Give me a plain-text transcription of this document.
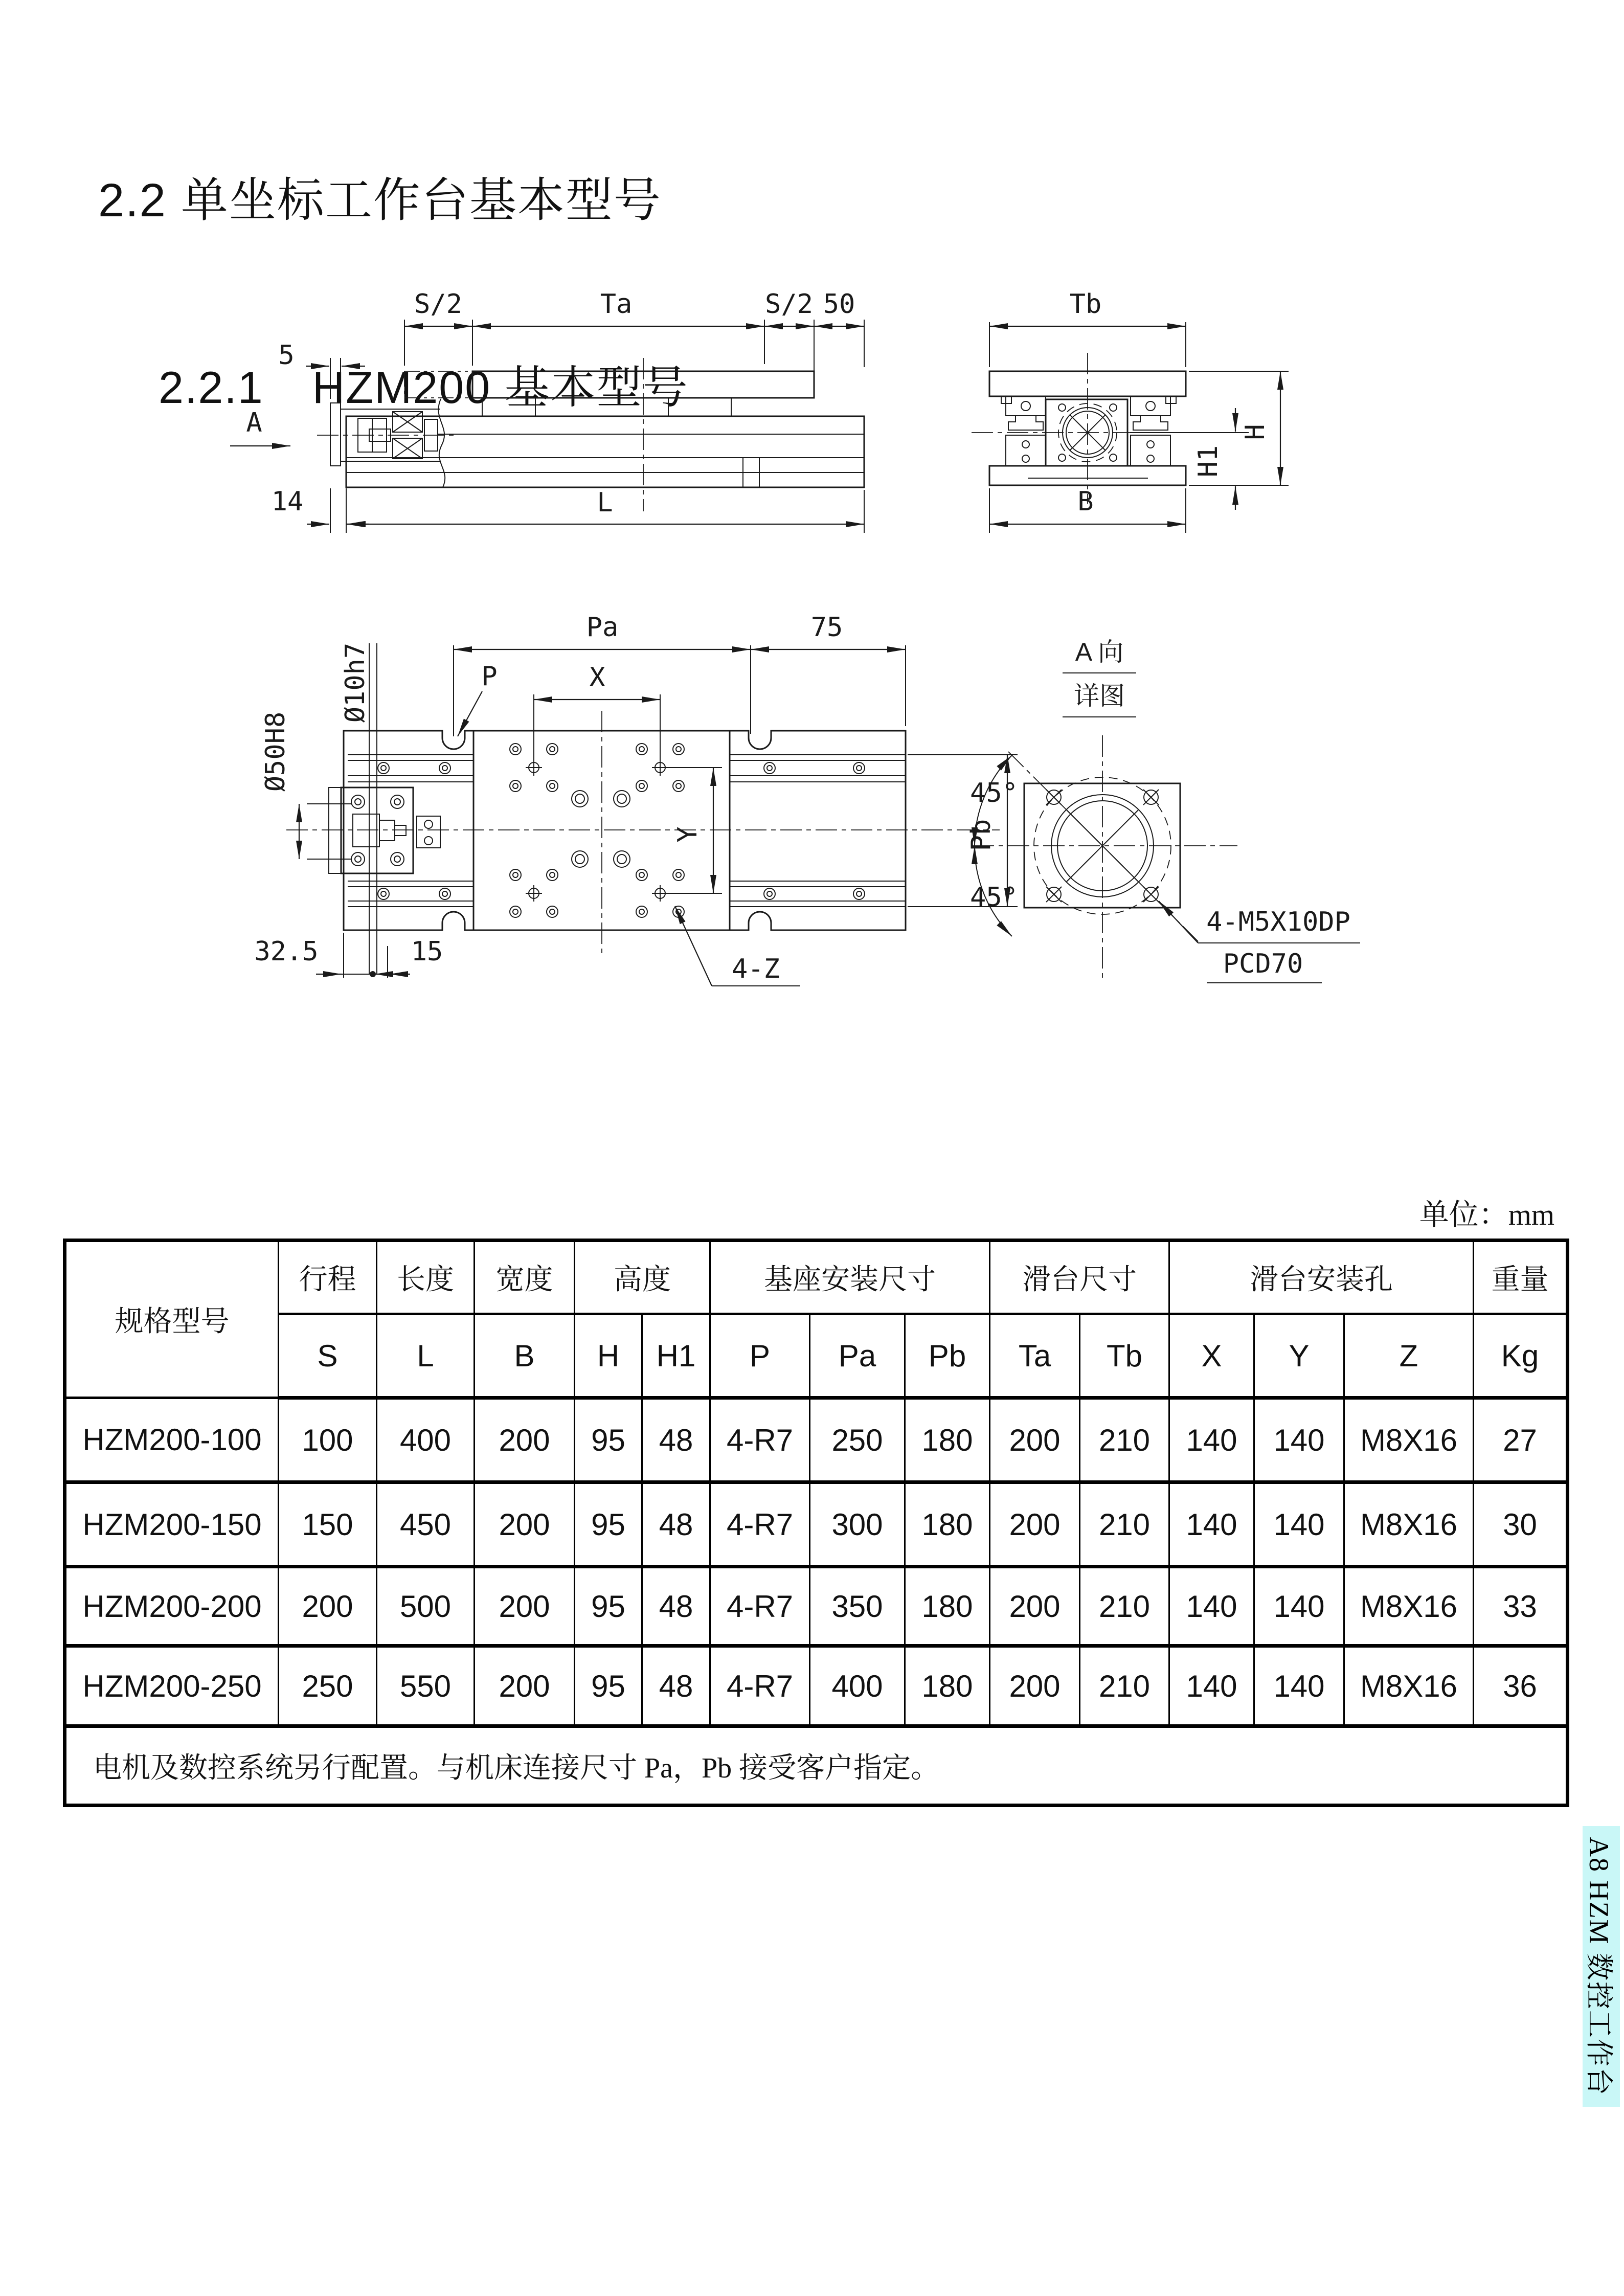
2.2 单坐标工作台基本型号
2.2.1 HZM200 基本型号
S/2	Ta	S/2 50
5
A
14	L
Tb
H
H1
B
Pa	75
P	X
Ø50H8
Ø10h7
Y	Pb
32.5	15
4-Z
A 向
详图
45°
45°
4-M5X10DP
PCD70
单位：mm
规格型号	行程	长度	宽度	高度		基座安装尺寸			滑台尺寸		滑台安装孔			重量
	S	L	B	H	H1	P	Pa	Pb	Ta	Tb	X	Y	Z	Kg
HZM200-100	100	400	200	95	48	4-R7	250	180	200	210	140	140	M8X16	27
HZM200-150	150	450	200	95	48	4-R7	300	180	200	210	140	140	M8X16	30
HZM200-200	200	500	200	95	48	4-R7	350	180	200	210	140	140	M8X16	33
HZM200-250	250	550	200	95	48	4-R7	400	180	200	210	140	140	M8X16	36
电机及数控系统另行配置。与机床连接尺寸 Pa，Pb 接受客户指定。														
A8 HZM 数控工作台
